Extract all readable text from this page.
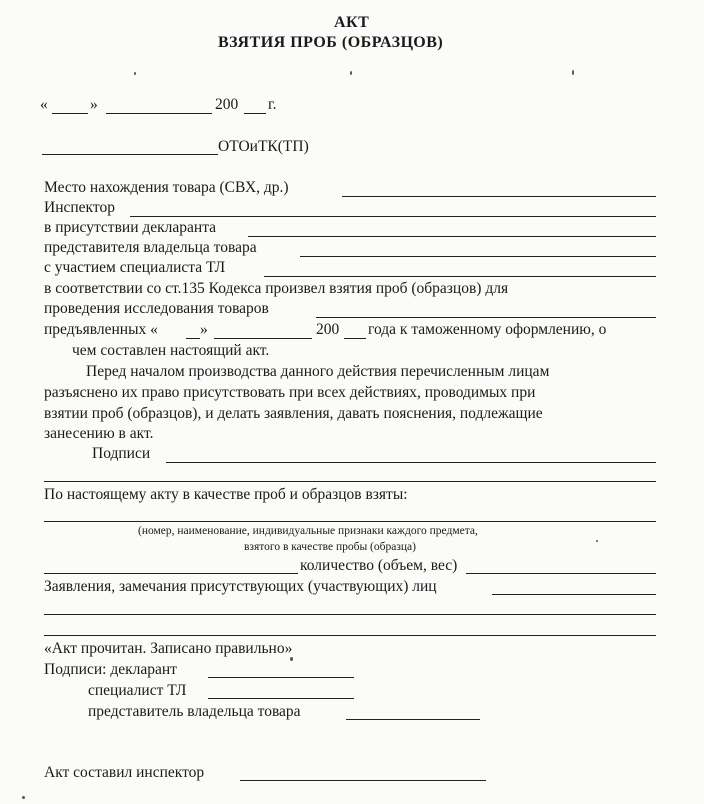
АКТ
ВЗЯТИЯ ПРОБ (ОБРАЗЦОВ)
«	»	200 г.
ОТОиТК(ТП)
Место нахождения товара (СВХ, др.)
Инспектор
в присутствии декларанта
представителя владельца товара
с участием специалиста ТЛ
в соответствии со ст.135 Кодекса произвел взятия проб (образцов) для
проведения исследования товаров
предъявленных «	»	200 года к таможенному оформлению, о
чем составлен настоящий акт.
Перед началом производства данного действия перечисленным лицам
разъяснено их право присутствовать при всех действиях, проводимых при
взятии проб (образцов), и делать заявления, давать пояснения, подлежащие
занесению в акт.
Подписи
По настоящему акту в качестве проб и образцов взяты:
(номер, наименование, индивидуальные признаки каждого предмета,
взятого в качестве пробы (образца)
количество (объем, вес)
Заявления, замечания присутствующих (участвующих) лиц
«Акт прочитан. Записано правильно»
Подписи: декларант
специалист ТЛ
представитель владельца товара
Акт составил инспектор
